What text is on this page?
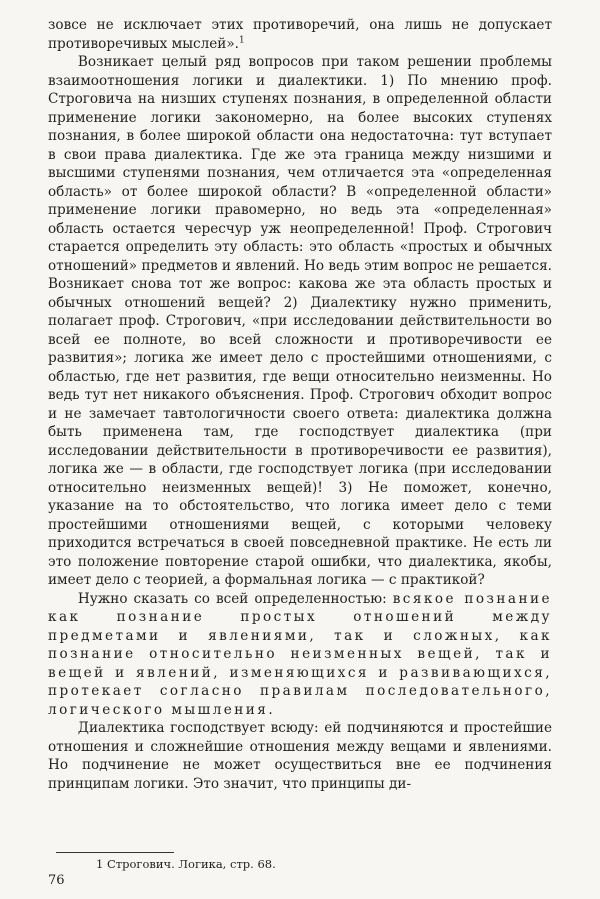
зовсе не исключает этих противоречий, она лишь не допускает противоречивых мыслей».$^1$

Возникает целый ряд вопросов при таком решении проблемы взаимоотношения логики и диалектики. 1) По мнению проф. Строговича на низших ступенях познания, в определенной области применение логики закономерно, на более высоких ступенях познания, в более широкой области она недостаточна: тут вступает в свои права диалектика. Где же эта граница между низшими и высшими ступенями познания, чем отличается эта «определенная область» от более широкой области? В «определенной области» применение логики правомерно, но ведь эта «определенная» область остается чересчур уж неопределенной! Проф. Строгович старается определить эту область: это область «простых и обычных отношений» предметов и явлений. Но ведь этим вопрос не решается. Возникает снова тот же вопрос: какова же эта область простых и обычных отношений вещей? 2) Диалектику нужно применить, полагает проф. Строгович, «при исследовании действительности во всей ее полноте, во всей сложности и противоречивости ее развития»; логика же имеет дело с простейшими отношениями, с областью, где нет развития, где вещи относительно неизменны. Но ведь тут нет никакого объяснения. Проф. Строгович обходит вопрос и не замечает тавтологичности своего ответа: диалектика должна быть применена там, где господствует диалектика (при исследовании действительности в противоречивости ее развития), логика же — в области, где господствует логика (при исследовании относительно неизменных вещей)! 3) Не поможет, конечно, указание на то обстоятельство, что логика имеет дело с теми простейшими отношениями вещей, с которыми человеку приходится встречаться в своей повседневной практике. Не есть ли это положение повторение старой ошибки, что диалектика, якобы, имеет дело с теорией, а формальная логика — с практикой?

Нужно сказать со всей определенностью: всякое познание как познание простых отношений между предметами и явлениями, так и сложных, как познание относительно неизменных вещей, так и вещей и явлений, изменяющихся и развивающихся, протекает согласно правилам последовательного, логического мышления.

Диалектика господствует всюду: ей подчиняются и простейшие отношения и сложнейшие отношения между вещами и явлениями. Но подчинение не может осуществиться вне ее подчинения принципам логики. Это значит, что принципы ди-

1 Строгович. Логика, стр. 68.
76
